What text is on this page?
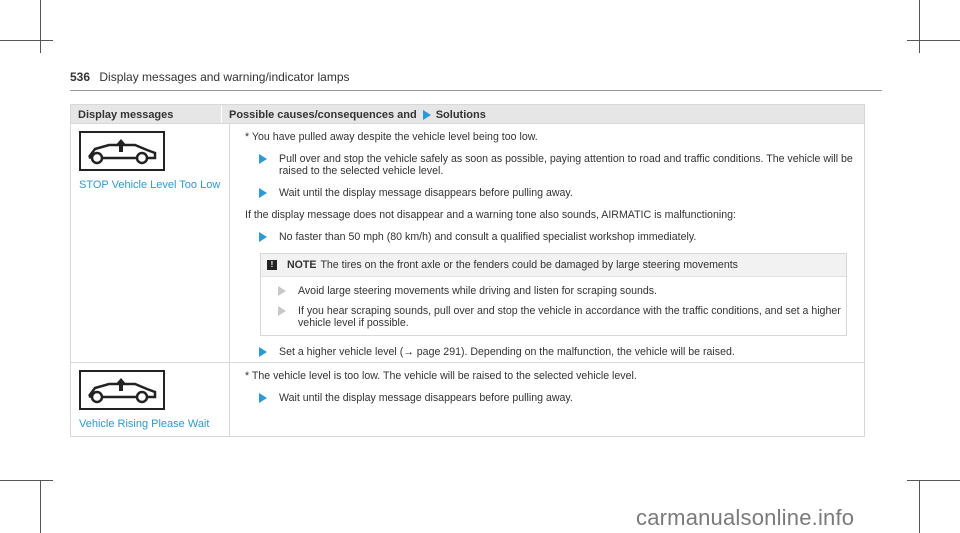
536 Display messages and warning/indicator lamps
Display messages	Possible causes/consequences and Solutions
STOP Vehicle Level Too Low
* You have pulled away despite the vehicle level being too low.
Pull over and stop the vehicle safely as soon as possible, paying attention to road and traffic conditions. The vehicle will be raised to the selected vehicle level.
Wait until the display message disappears before pulling away.
If the display message does not disappear and a warning tone also sounds, AIRMATIC is malfunctioning:
No faster than 50 mph (80 km/h) and consult a qualified specialist workshop immediately.
!	NOTE The tires on the front axle or the fenders could be damaged by large steering movements
Avoid large steering movements while driving and listen for scraping sounds.
If you hear scraping sounds, pull over and stop the vehicle in accordance with the traffic conditions, and set a higher vehicle level if possible.
Set a higher vehicle level (→ page 291). Depending on the malfunction, the vehicle will be raised.
Vehicle Rising Please Wait
* The vehicle level is too low. The vehicle will be raised to the selected vehicle level.
Wait until the display message disappears before pulling away.
carmanualsonline.info
